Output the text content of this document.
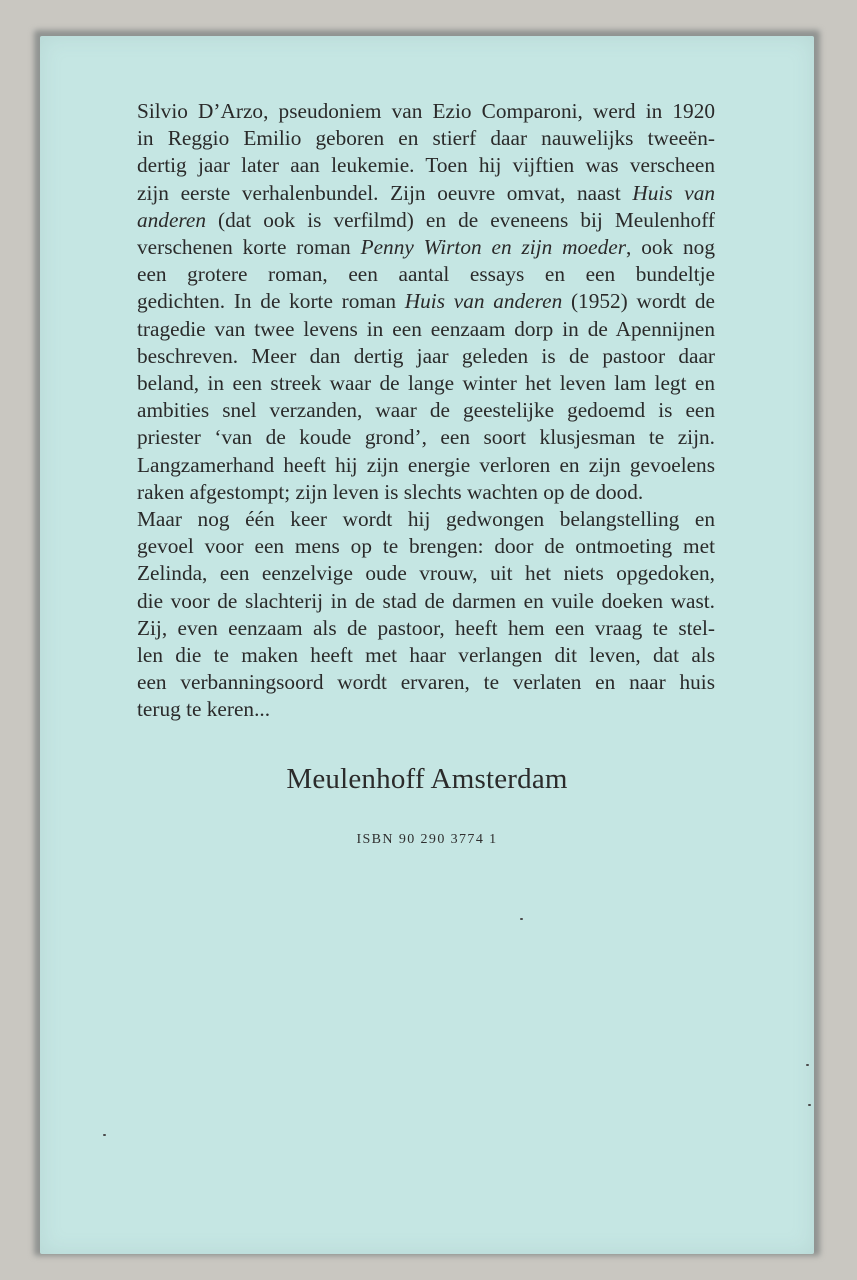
Silvio D’Arzo, pseudoniem van Ezio Comparoni, werd in 1920
in Reggio Emilio geboren en stierf daar nauwelijks tweeën-
dertig jaar later aan leukemie. Toen hij vijftien was verscheen
zijn eerste verhalenbundel. Zijn oeuvre omvat, naast Huis van
anderen (dat ook is verfilmd) en de eveneens bij Meulenhoff
verschenen korte roman Penny Wirton en zijn moeder, ook nog
een grotere roman, een aantal essays en een bundeltje
gedichten. In de korte roman Huis van anderen (1952) wordt de
tragedie van twee levens in een eenzaam dorp in de Apennijnen
beschreven. Meer dan dertig jaar geleden is de pastoor daar
beland, in een streek waar de lange winter het leven lam legt en
ambities snel verzanden, waar de geestelijke gedoemd is een
priester ‘van de koude grond’, een soort klusjesman te zijn.
Langzamerhand heeft hij zijn energie verloren en zijn gevoelens
raken afgestompt; zijn leven is slechts wachten op de dood.
Maar nog één keer wordt hij gedwongen belangstelling en
gevoel voor een mens op te brengen: door de ontmoeting met
Zelinda, een eenzelvige oude vrouw, uit het niets opgedoken,
die voor de slachterij in de stad de darmen en vuile doeken wast.
Zij, even eenzaam als de pastoor, heeft hem een vraag te stel-
len die te maken heeft met haar verlangen dit leven, dat als
een verbanningsoord wordt ervaren, te verlaten en naar huis
terug te keren...

Meulenhoff Amsterdam
ISBN 90 290 3774 1
